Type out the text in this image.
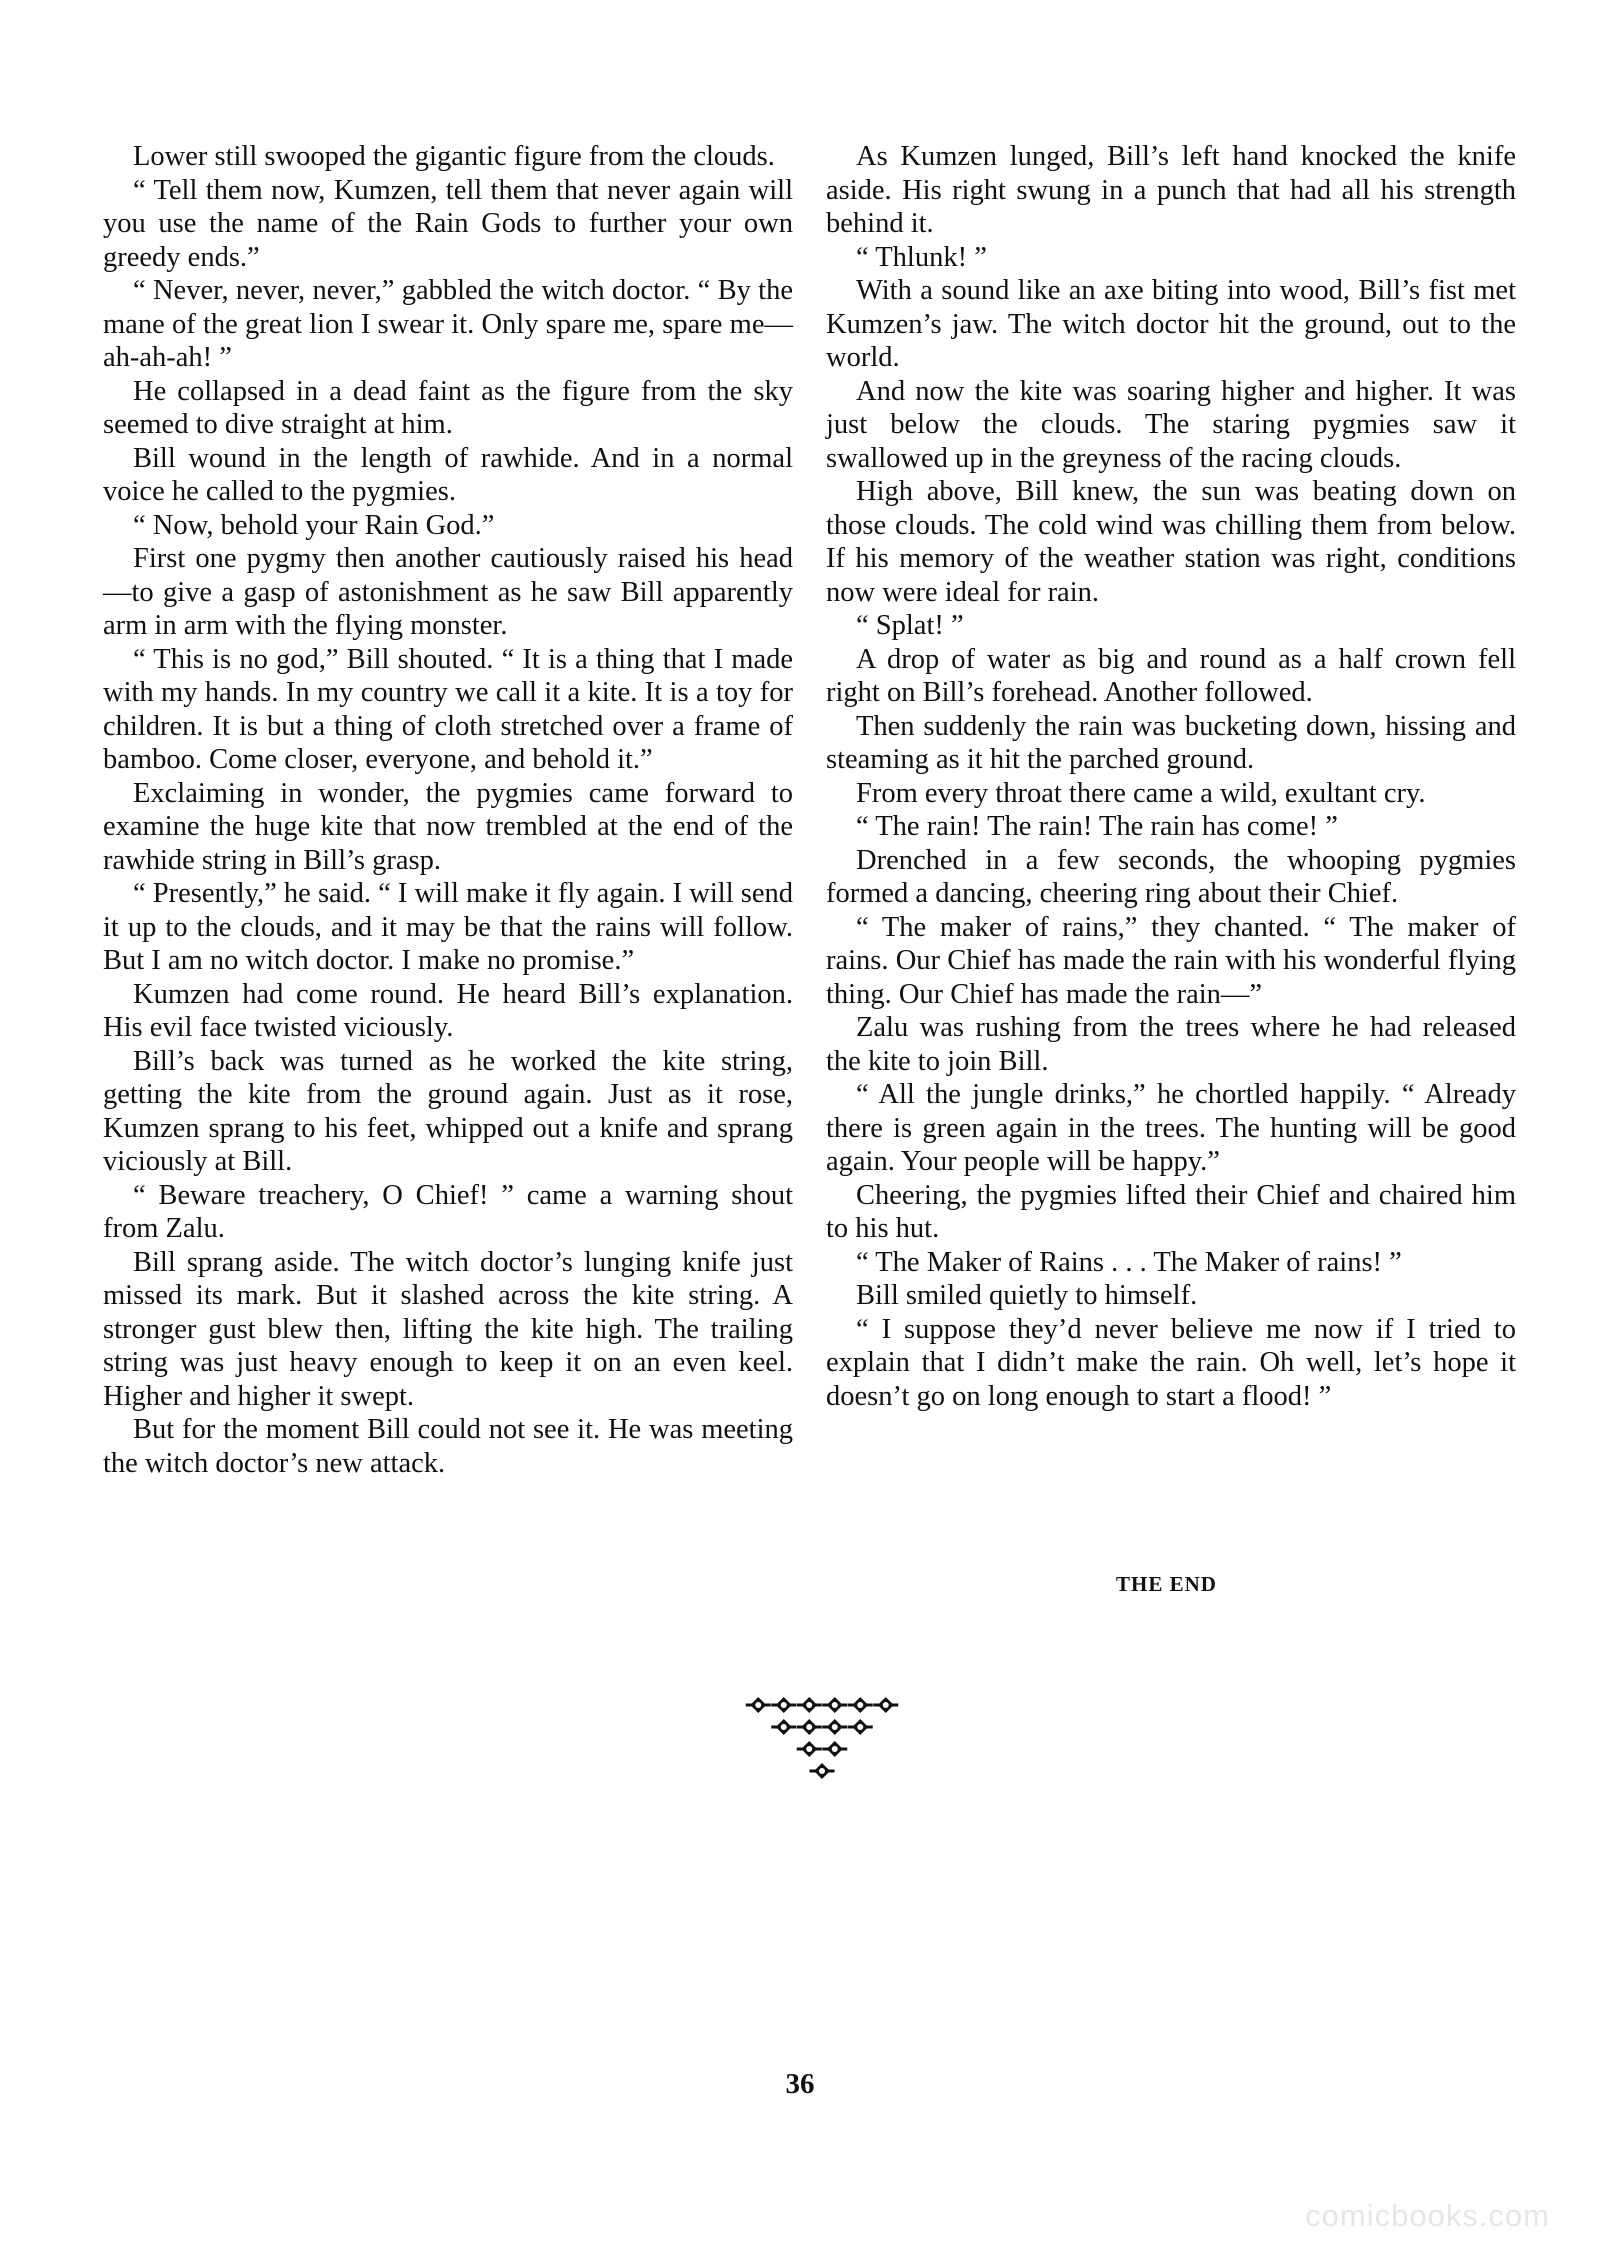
Lower still swooped the gigantic figure from the clouds.

“ Tell them now, Kumzen, tell them that never again will you use the name of the Rain Gods to further your own greedy ends.”

“ Never, never, never,” gabbled the witch doctor. “ By the mane of the great lion I swear it. Only spare me, spare me—ah-ah-ah! ”

He collapsed in a dead faint as the figure from the sky seemed to dive straight at him.

Bill wound in the length of rawhide. And in a normal voice he called to the pygmies.

“ Now, behold your Rain God.”

First one pygmy then another cautiously raised his head—to give a gasp of astonishment as he saw Bill apparently arm in arm with the flying monster.

“ This is no god,” Bill shouted. “ It is a thing that I made with my hands. In my country we call it a kite. It is a toy for children. It is but a thing of cloth stretched over a frame of bamboo. Come closer, everyone, and behold it.”

Exclaiming in wonder, the pygmies came forward to examine the huge kite that now trembled at the end of the rawhide string in Bill’s grasp.

“ Presently,” he said. “ I will make it fly again. I will send it up to the clouds, and it may be that the rains will follow. But I am no witch doctor. I make no promise.”

Kumzen had come round. He heard Bill’s explanation. His evil face twisted viciously.

Bill’s back was turned as he worked the kite string, getting the kite from the ground again. Just as it rose, Kumzen sprang to his feet, whipped out a knife and sprang viciously at Bill.

“ Beware treachery, O Chief! ” came a warning shout from Zalu.

Bill sprang aside. The witch doctor’s lunging knife just missed its mark. But it slashed across the kite string. A stronger gust blew then, lifting the kite high. The trailing string was just heavy enough to keep it on an even keel. Higher and higher it swept.

But for the moment Bill could not see it. He was meeting the witch doctor’s new attack.

As Kumzen lunged, Bill’s left hand knocked the knife aside. His right swung in a punch that had all his strength behind it.

“ Thlunk! ”

With a sound like an axe biting into wood, Bill’s fist met Kumzen’s jaw. The witch doctor hit the ground, out to the world.

And now the kite was soaring higher and higher. It was just below the clouds. The staring pygmies saw it swallowed up in the greyness of the racing clouds.

High above, Bill knew, the sun was beating down on those clouds. The cold wind was chilling them from below. If his memory of the weather station was right, conditions now were ideal for rain.

“ Splat! ”

A drop of water as big and round as a half crown fell right on Bill’s forehead. Another followed.

Then suddenly the rain was bucketing down, hissing and steaming as it hit the parched ground.

From every throat there came a wild, exultant cry.

“ The rain! The rain! The rain has come! ”

Drenched in a few seconds, the whooping pygmies formed a dancing, cheering ring about their Chief.

“ The maker of rains,” they chanted. “ The maker of rains. Our Chief has made the rain with his wonderful flying thing. Our Chief has made the rain—”

Zalu was rushing from the trees where he had released the kite to join Bill.

“ All the jungle drinks,” he chortled happily. “ Already there is green again in the trees. The hunting will be good again. Your people will be happy.”

Cheering, the pygmies lifted their Chief and chaired him to his hut.

“ The Maker of Rains . . . The Maker of rains! ”

Bill smiled quietly to himself.

“ I suppose they’d never believe me now if I tried to explain that I didn’t make the rain. Oh well, let’s hope it doesn’t go on long enough to start a flood! ”

THE END
36
comicbooks.com
